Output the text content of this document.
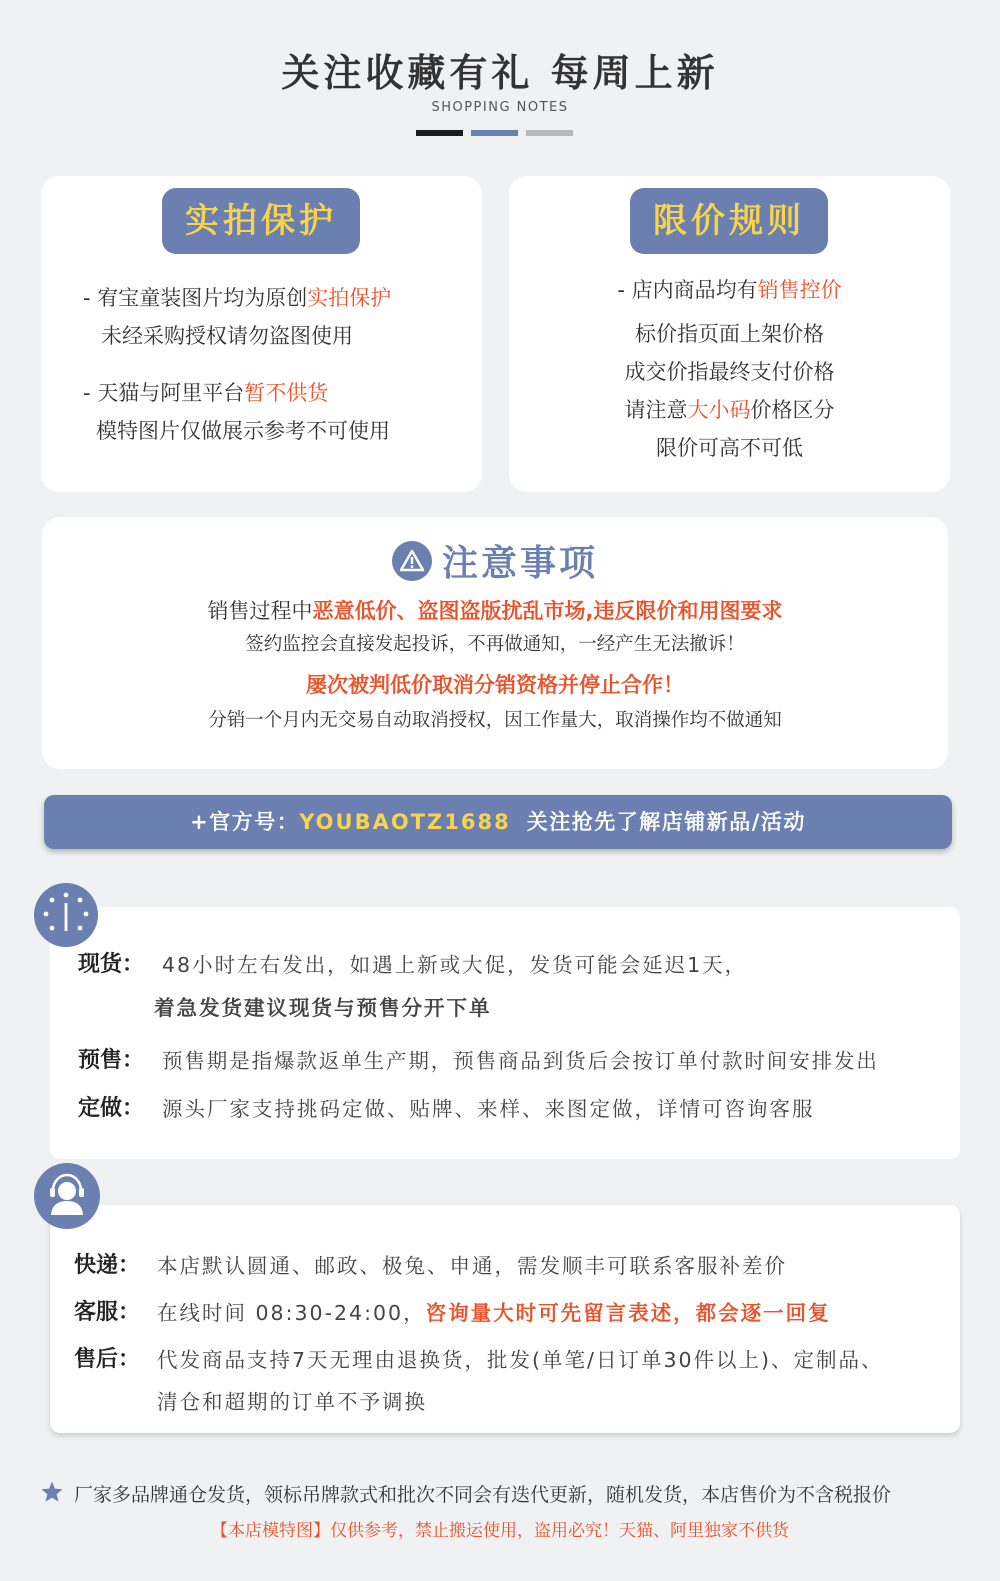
关注收藏有礼 每周上新
SHOPPING NOTES
实拍保护
- 宥宝童装图片均为原创实拍保护
未经采购授权请勿盗图使用
- 天猫与阿里平台暂不供货
模特图片仅做展示参考不可使用
限价规则
- 店内商品均有销售控价
标价指页面上架价格
成交价指最终支付价格
请注意大小码价格区分
限价可高不可低
注意事项
销售过程中恶意低价、盗图盗版扰乱市场,违反限价和用图要求
签约监控会直接发起投诉，不再做通知，一经产生无法撤诉！
屡次被判低价取消分销资格并停止合作！
分销一个月内无交易自动取消授权，因工作量大，取消操作均不做通知
+官方号：YOUBAOTZ1688 关注抢先了解店铺新品/活动
现货： 48小时左右发出，如遇上新或大促，发货可能会延迟1天，
着急发货建议现货与预售分开下单
预售： 预售期是指爆款返单生产期，预售商品到货后会按订单付款时间安排发出
定做： 源头厂家支持挑码定做、贴牌、来样、来图定做，详情可咨询客服
快递： 本店默认圆通、邮政、极兔、申通，需发顺丰可联系客服补差价
客服： 在线时间 08:30-24:00，咨询量大时可先留言表述，都会逐一回复
售后： 代发商品支持7天无理由退换货，批发(单笔/日订单30件以上)、定制品、
清仓和超期的订单不予调换
厂家多品牌通仓发货，领标吊牌款式和批次不同会有迭代更新，随机发货，本店售价为不含税报价
【本店模特图】仅供参考，禁止搬运使用，盗用必究！天猫、阿里独家不供货
